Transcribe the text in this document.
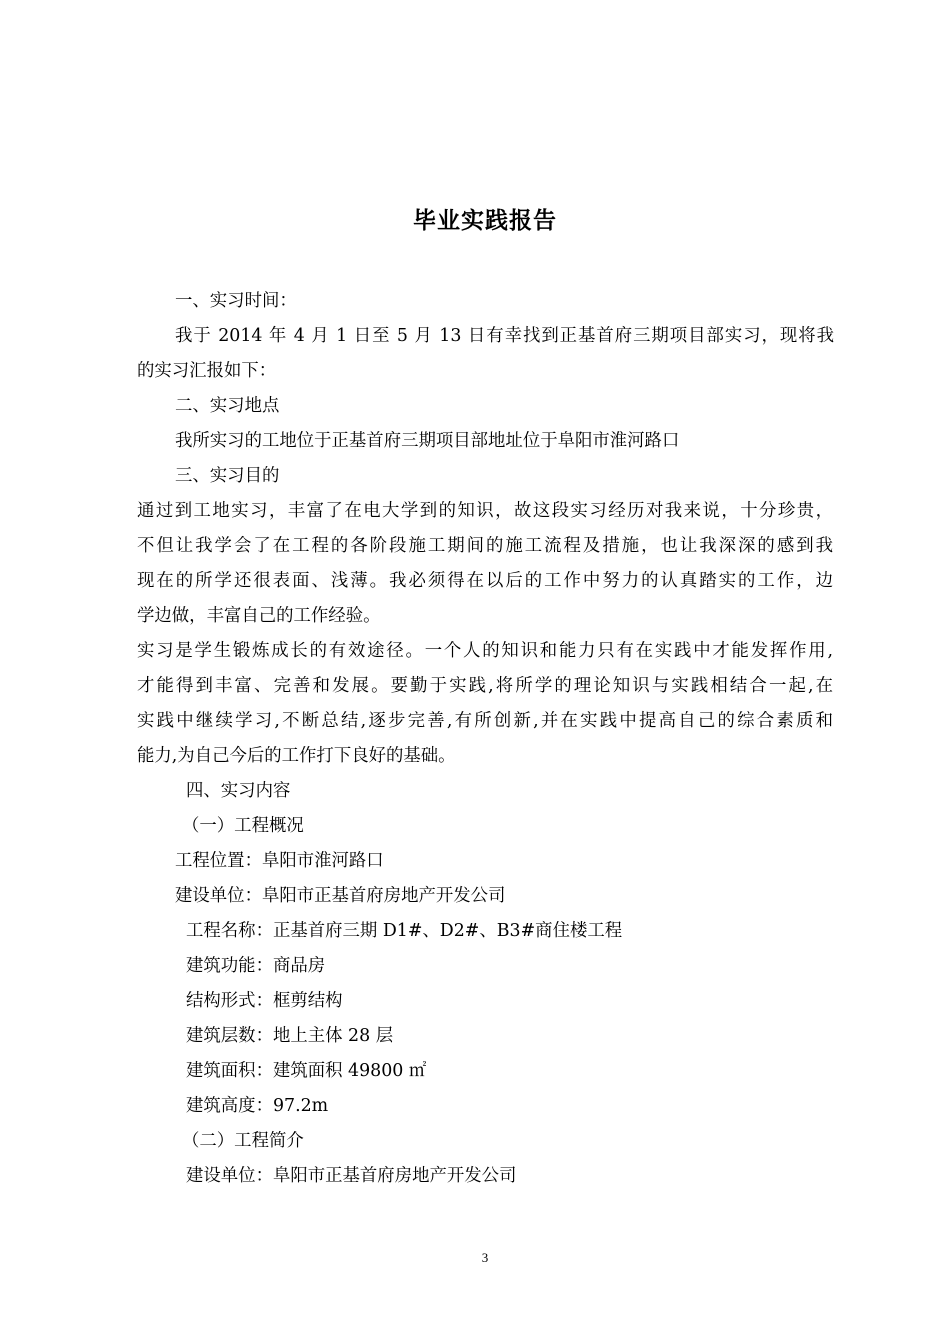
毕业实践报告
一、实习时间：
我于 2014 年 4 月 1 日至 5 月 13 日有幸找到正基首府三期项目部实习，现将我
的实习汇报如下：
二、实习地点
我所实习的工地位于正基首府三期项目部地址位于阜阳市淮河路口
三、实习目的
通过到工地实习，丰富了在电大学到的知识，故这段实习经历对我来说，十分珍贵，
不但让我学会了在工程的各阶段施工期间的施工流程及措施，也让我深深的感到我
现在的所学还很表面、浅薄。我必须得在以后的工作中努力的认真踏实的工作，边
学边做，丰富自己的工作经验。
实习是学生锻炼成长的有效途径。一个人的知识和能力只有在实践中才能发挥作用,
才能得到丰富、完善和发展。要勤于实践,将所学的理论知识与实践相结合一起,在
实践中继续学习,不断总结,逐步完善,有所创新,并在实践中提高自己的综合素质和
能力,为自己今后的工作打下良好的基础。
四、实习内容
（一）工程概况
工程位置：阜阳市淮河路口
建设单位：阜阳市正基首府房地产开发公司
工程名称：正基首府三期 D1#、D2#、B3#商住楼工程
建筑功能：商品房
结构形式：框剪结构
建筑层数：地上主体 28 层
建筑面积：建筑面积 49800 ㎡
建筑高度：97.2m
（二）工程简介
建设单位：阜阳市正基首府房地产开发公司
3
